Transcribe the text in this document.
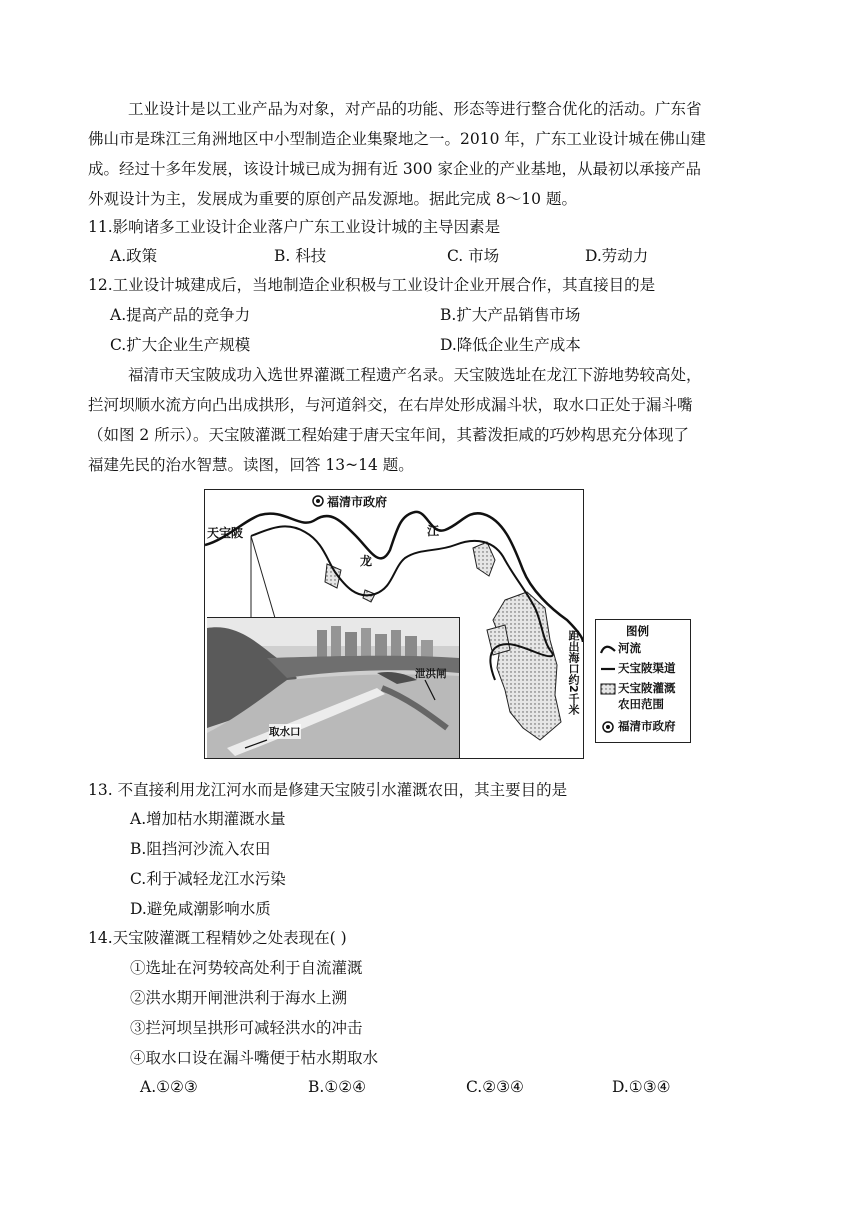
工业设计是以工业产品为对象，对产品的功能、形态等进行整合优化的活动。广东省
佛山市是珠江三角洲地区中小型制造企业集聚地之一。2010 年，广东工业设计城在佛山建
成。经过十多年发展，该设计城已成为拥有近 300 家企业的产业基地，从最初以承接产品
外观设计为主，发展成为重要的原创产品发源地。据此完成 8～10 题。
11.影响诸多工业设计企业落户广东工业设计城的主导因素是
A.政策	B. 科技	C. 市场	D.劳动力
12.工业设计城建成后，当地制造企业积极与工业设计企业开展合作，其直接目的是
A.提高产品的竞争力	B.扩大产品销售市场
C.扩大企业生产规模	D.降低企业生产成本
福清市天宝陂成功入选世界灌溉工程遗产名录。天宝陂选址在龙江下游地势较高处，
拦河坝顺水流方向凸出成拱形，与河道斜交，在右岸处形成漏斗状，取水口正处于漏斗嘴
（如图 2 所示）。天宝陂灌溉工程始建于唐天宝年间，其蓄泼拒咸的巧妙构思充分体现了
福建先民的治水智慧。读图，回答 13~14 题。
福清市政府
天宝陂	江
龙
距出海口约2千米
取水口
泄洪闸
图例
河流
天宝陂渠道
天宝陂灌溉
农田范围
福清市政府
13. 不直接利用龙江河水而是修建天宝陂引水灌溉农田，其主要目的是
A.增加枯水期灌溉水量
B.阻挡河沙流入农田
C.利于减轻龙江水污染
D.避免咸潮影响水质
14.天宝陂灌溉工程精妙之处表现在( )
①选址在河势较高处利于自流灌溉
②洪水期开闸泄洪利于海水上溯
③拦河坝呈拱形可减轻洪水的冲击
④取水口设在漏斗嘴便于枯水期取水
A.①②③	B.①②④	C.②③④	D.①③④
